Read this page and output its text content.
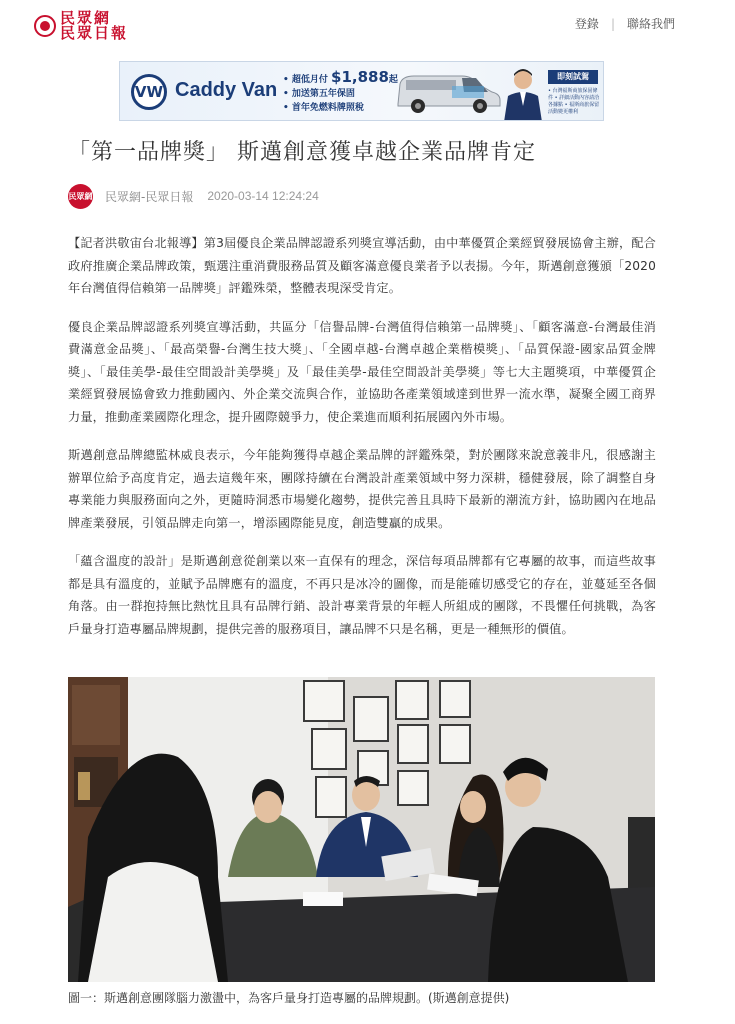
民眾網
民眾日報	登錄 | 聯絡我們
VW Caddy Van • 超低月付 $1,888起
• 加送第五年保固
• 首年免燃料牌照稅
即刻試駕
• 台灣福斯商旅保固條件 • 詳細活動內容請洽各據點 • 福斯商旅保留活動變更權利
「第一品牌獎」 斯邁創意獲卓越企業品牌肯定
民眾網 民眾網-民眾日報 2020-03-14 12:24:24

【記者洪敬宙台北報導】第3屆優良企業品牌認證系列獎宣導活動，由中華優質企業經貿發展協會主辦，配合政府推廣企業品牌政策，甄選注重消費服務品質及顧客滿意優良業者予以表揚。今年，斯邁創意獲頒「2020年台灣值得信賴第一品牌獎」評鑑殊榮，整體表現深受肯定。

優良企業品牌認證系列獎宣導活動，共區分「信譽品牌-台灣值得信賴第一品牌獎」、「顧客滿意-台灣最佳消費滿意金品獎」、「最高榮譽-台灣生技大獎」、「全國卓越-台灣卓越企業楷模獎」、「品質保證-國家品質金牌獎」、「最佳美學-最佳空間設計美學獎」及「最佳美學-最佳空間設計美學獎」等七大主題獎項，中華優質企業經貿發展協會致力推動國內、外企業交流與合作，並協助各產業領域達到世界一流水準，凝聚全國工商界力量，推動產業國際化理念，提升國際競爭力，使企業進而順利拓展國內外市場。

斯邁創意品牌總監林威良表示，今年能夠獲得卓越企業品牌的評鑑殊榮，對於團隊來說意義非凡，很感謝主辦單位給予高度肯定，過去這幾年來，團隊持續在台灣設計產業領域中努力深耕，穩健發展，除了調整自身專業能力與服務面向之外，更隨時洞悉市場變化趨勢，提供完善且具時下最新的潮流方針，協助國內在地品牌產業發展，引領品牌走向第一，增添國際能見度，創造雙贏的成果。

「蘊含溫度的設計」是斯邁創意從創業以來一直保有的理念，深信每項品牌都有它專屬的故事，而這些故事都是具有溫度的，並賦予品牌應有的溫度，不再只是冰冷的圖像，而是能確切感受它的存在，並蔓延至各個角落。由一群抱持無比熱忱且具有品牌行銷、設計專業背景的年輕人所組成的團隊，不畏懼任何挑戰，為客戶量身打造專屬品牌規劃，提供完善的服務項目，讓品牌不只是名稱，更是一種無形的價值。

圖一：斯邁創意團隊腦力激盪中，為客戶量身打造專屬的品牌規劃。(斯邁創意提供)
